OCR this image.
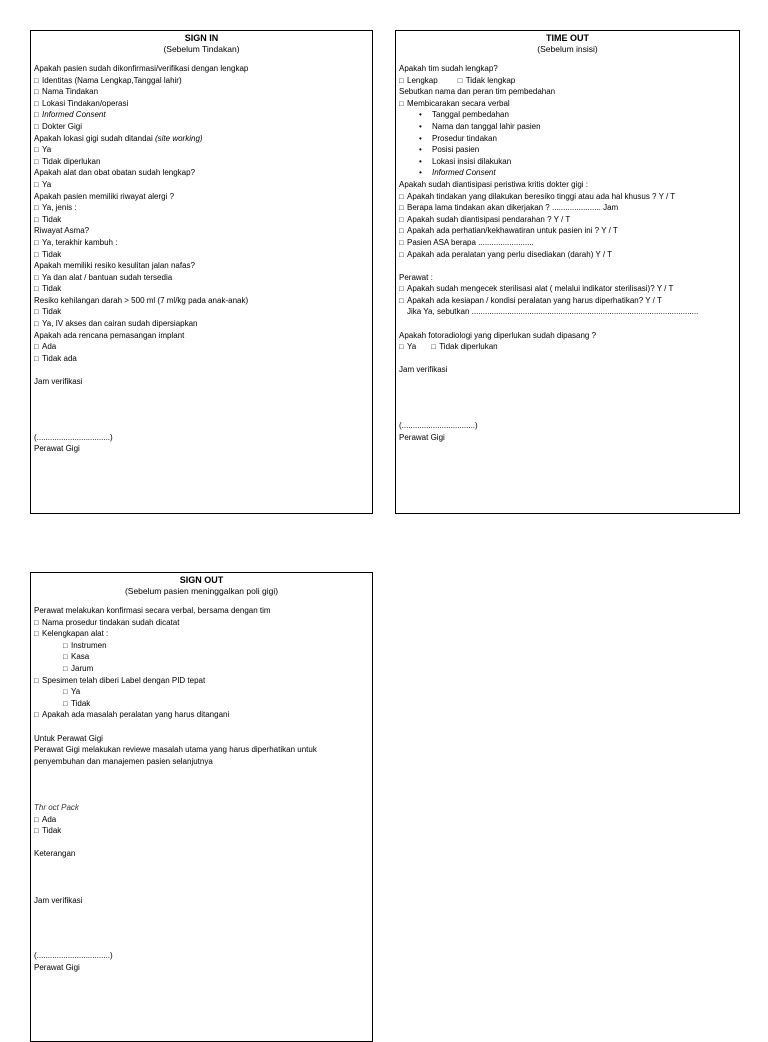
SIGN IN
(Sebelum Tindakan)
Apakah pasien sudah dikonfirmasi/verifikasi dengan lengkap
□ Identitas (Nama Lengkap,Tanggal lahir)
□ Nama Tindakan
□ Lokasi Tindakan/operasi
□ Informed Consent
□ Dokter Gigi
Apakah lokasi gigi sudah ditandai (site working)
□ Ya
□ Tidak diperlukan
Apakah alat dan obat obatan sudah lengkap?
□ Ya
Apakah pasien memiliki riwayat alergi ?
□ Ya, jenis :
□ Tidak
Riwayat Asma?
□ Ya, terakhir kambuh :
□ Tidak
Apakah memiliki resiko kesulitan jalan nafas?
□ Ya dan alat / bantuan sudah tersedia
□ Tidak
Resiko kehilangan darah > 500 ml (7 ml/kg pada anak-anak)
□ Tidak
□ Ya, IV akses dan cairan sudah dipersiapkan
Apakah ada rencana pemasangan implant
□ Ada
□ Tidak ada
Jam verifikasi
(.................................)
Perawat Gigi
TIME OUT
(Sebelum insisi)
Apakah tim sudah lengkap?
□ Lengkap	□ Tidak lengkap
Sebutkan nama dan peran tim pembedahan
□ Membicarakan secara verbal
• Tanggal pembedahan
• Nama dan tanggal lahir pasien
• Prosedur tindakan
• Posisi pasien
• Lokasi insisi dilakukan
• Informed Consent
Apakah sudah diantisipasi peristiwa kritis dokter gigi :
□ Apakah tindakan yang dilakukan beresiko tinggi atau ada hal khusus ? Y / T
□ Berapa lama tindakan akan dikerjakan ? ...................... Jam
□ Apakah sudah diantisipasi pendarahan ? Y / T
□ Apakah ada perhatian/kekhawatiran untuk pasien ini ? Y / T
□ Pasien ASA berapa .........................
□ Apakah ada peralatan yang perlu disediakan (darah) Y / T
Perawat :
□ Apakah sudah mengecek sterilisasi alat ( melalui indikator sterilisasi)? Y / T
□ Apakah ada kesiapan / kondisi peralatan yang harus diperhatikan? Y / T
Jika Ya, sebutkan ......................................................................................................
Apakah fotoradiologi yang diperlukan sudah dipasang ?
□ Ya	□ Tidak diperlukan
Jam verifikasi
(.................................)
Perawat Gigi
SIGN OUT
(Sebelum pasien meninggalkan poli gigi)
Perawat melakukan konfirmasi secara verbal, bersama dengan tim
□ Nama prosedur tindakan sudah dicatat
□ Kelengkapan alat :
□ Instrumen
□ Kasa
□ Jarum
□ Spesimen telah diberi Label dengan PID tepat
□ Ya
□ Tidak
□ Apakah ada masalah peralatan yang harus ditangani
Untuk Perawat Gigi
Perawat Gigi melakukan reviewe masalah utama yang harus diperhatikan untuk
penyembuhan dan manajemen pasien selanjutnya
Thr oct Pack
□ Ada
□ Tidak
Keterangan
Jam verifikasi
(.................................)
Perawat Gigi
